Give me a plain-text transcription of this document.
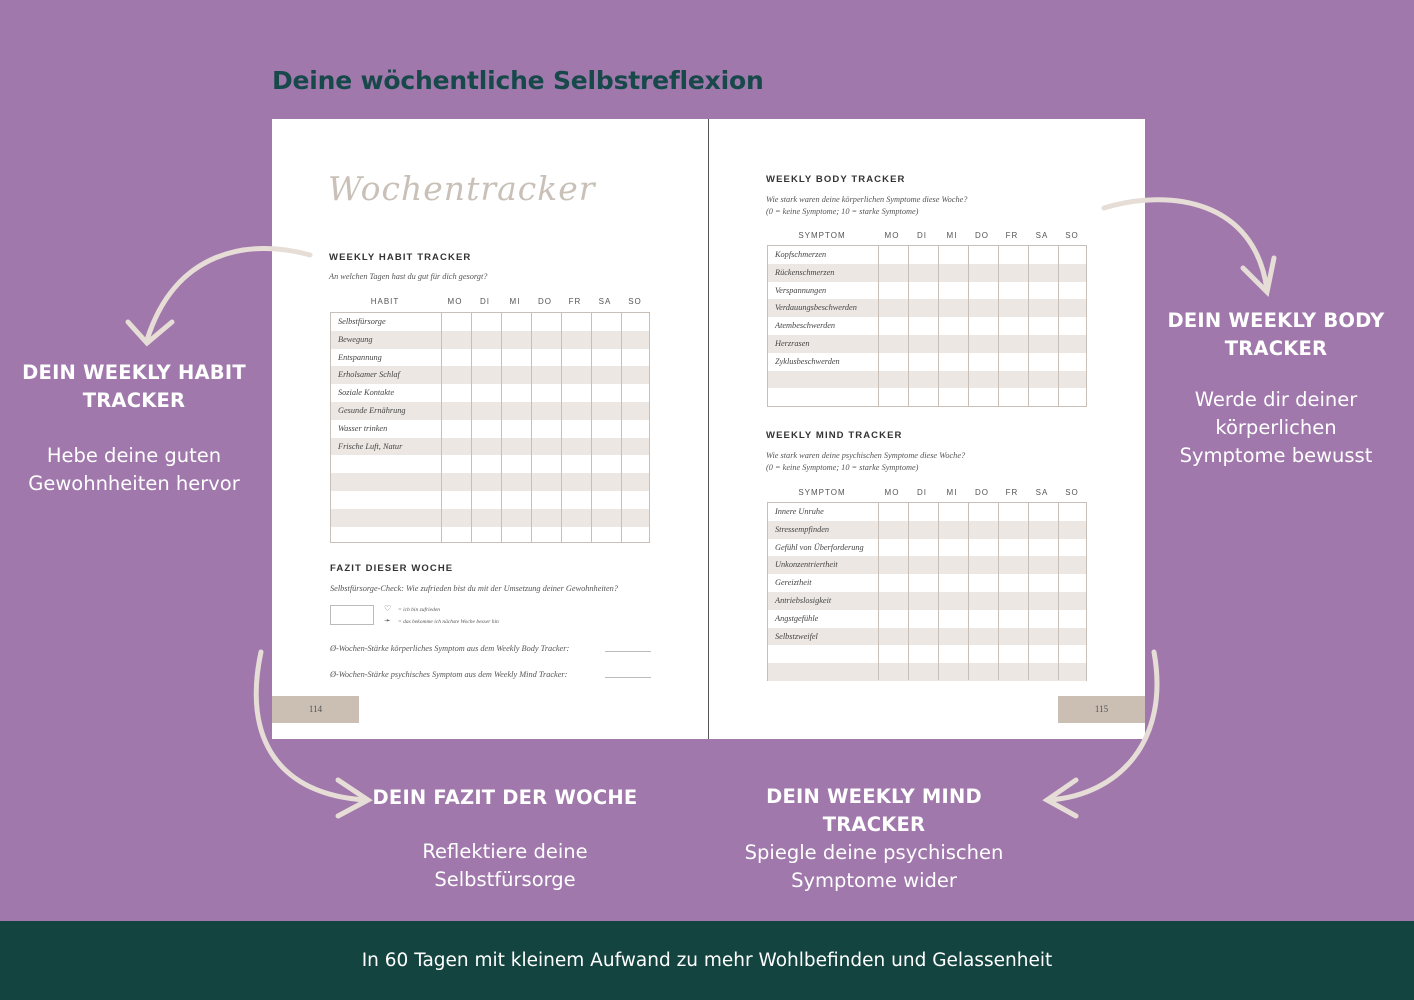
Deine wöchentliche Selbstreflexion
Wochentracker
WEEKLY HABIT TRACKER
An welchen Tagen hast du gut für dich gesorgt?
HABIT	MO	DI	MI	DO	FR	SA	SO
Selbstfürsorge
Bewegung
Entspannung
Erholsamer Schlaf
Soziale Kontakte
Gesunde Ernährung
Wasser trinken
Frische Luft, Natur
FAZIT DIESER WOCHE
Selbstfürsorge-Check: Wie zufrieden bist du mit der Umsetzung deiner Gewohnheiten?
♡ = ich bin zufrieden
➛ = das bekomme ich nächste Woche besser hin
Ø-Wochen-Stärke körperliches Symptom aus dem Weekly Body Tracker:
Ø-Wochen-Stärke psychisches Symptom aus dem Weekly Mind Tracker:
114
WEEKLY BODY TRACKER
Wie stark waren deine körperlichen Symptome diese Woche?
(0 = keine Symptome; 10 = starke Symptome)
SYMPTOM	MO	DI	MI	DO	FR	SA	SO
Kopfschmerzen
Rückenschmerzen
Verspannungen
Verdauungsbeschwerden
Atembeschwerden
Herzrasen
Zyklusbeschwerden
WEEKLY MIND TRACKER
Wie stark waren deine psychischen Symptome diese Woche?
(0 = keine Symptome; 10 = starke Symptome)
SYMPTOM	MO	DI	MI	DO	FR	SA	SO
Innere Unruhe
Stressempfinden
Gefühl von Überforderung
Unkonzentriertheit
Gereiztheit
Antriebslosigkeit
Angstgefühle
Selbstzweifel
115
DEIN WEEKLY HABIT
TRACKER
Hebe deine guten
Gewohnheiten hervor
DEIN WEEKLY BODY
TRACKER
Werde dir deiner
körperlichen
Symptome bewusst
DEIN FAZIT DER WOCHE
Reflektiere deine
Selbstfürsorge
DEIN WEEKLY MIND TRACKER
Spiegle deine psychischen
Symptome wider
In 60 Tagen mit kleinem Aufwand zu mehr Wohlbefinden und Gelassenheit
